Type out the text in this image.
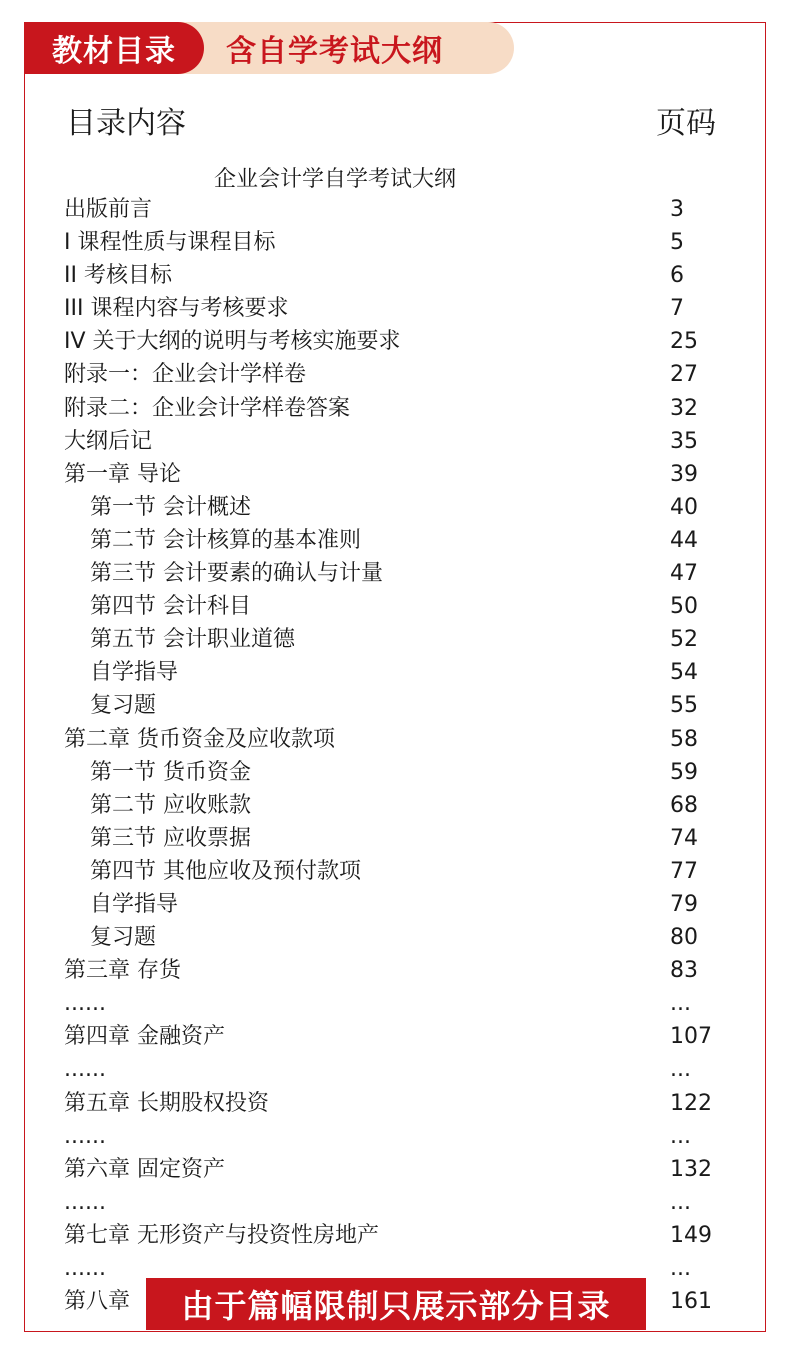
含自学考试大纲
教材目录
目录内容	页码
企业会计学自学考试大纲
出版前言	3
I 课程性质与课程目标	5
II 考核目标	6
III 课程内容与考核要求	7
IV 关于大纲的说明与考核实施要求	25
附录一：企业会计学样卷	27
附录二：企业会计学样卷答案	32
大纲后记	35
第一章 导论	39
第一节 会计概述	40
第二节 会计核算的基本准则	44
第三节 会计要素的确认与计量	47
第四节 会计科目	50
第五节 会计职业道德	52
自学指导	54
复习题	55
第二章 货币资金及应收款项	58
第一节 货币资金	59
第二节 应收账款	68
第三节 应收票据	74
第四节 其他应收及预付款项	77
自学指导	79
复习题	80
第三章 存货	83
......	...
第四章 金融资产	107
......	...
第五章 长期股权投资	122
......	...
第六章 固定资产	132
......	...
第七章 无形资产与投资性房地产	149
......	...
第八章	161
由于篇幅限制只展示部分目录
